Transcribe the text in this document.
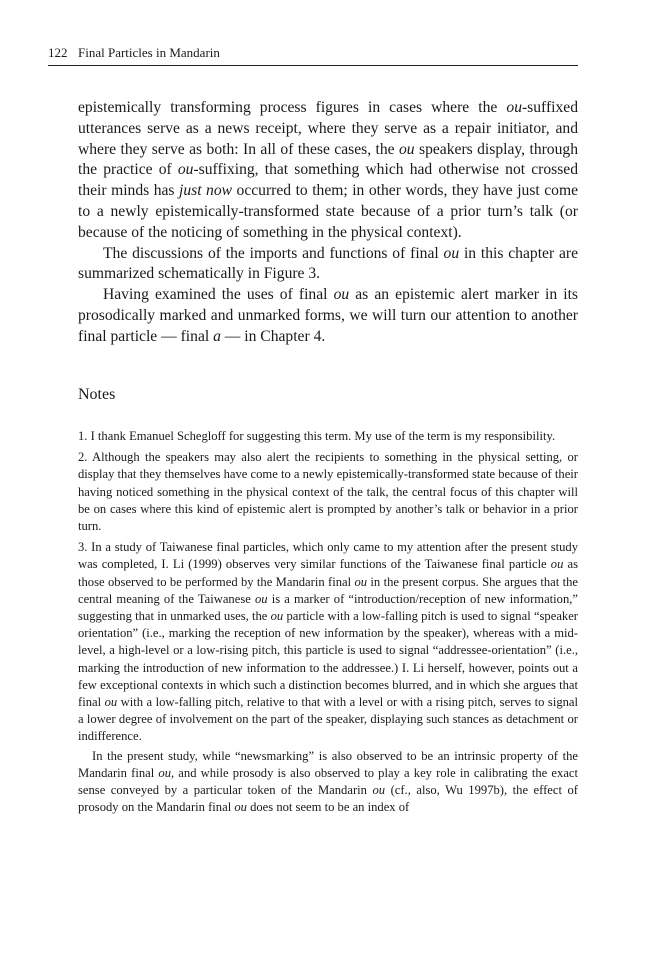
122 Final Particles in Mandarin

epistemically transforming process figures in cases where the ou-suffixed utterances serve as a news receipt, where they serve as a repair initiator, and where they serve as both: In all of these cases, the ou speakers display, through the practice of ou-suffixing, that something which had otherwise not crossed their minds has just now occurred to them; in other words, they have just come to a newly epistemically-transformed state because of a prior turn’s talk (or because of the noticing of something in the physical context).

The discussions of the imports and functions of final ou in this chapter are summarized schematically in Figure 3.

Having examined the uses of final ou as an epistemic alert marker in its prosodically marked and unmarked forms, we will turn our attention to another final particle — final a — in Chapter 4.

Notes

1. I thank Emanuel Schegloff for suggesting this term. My use of the term is my responsibility.

2. Although the speakers may also alert the recipients to something in the physical setting, or display that they themselves have come to a newly epistemically-transformed state because of their having noticed something in the physical context of the talk, the central focus of this chapter will be on cases where this kind of epistemic alert is prompted by another’s talk or behavior in a prior turn.

3. In a study of Taiwanese final particles, which only came to my attention after the present study was completed, I. Li (1999) observes very similar functions of the Taiwanese final particle ou as those observed to be performed by the Mandarin final ou in the present corpus. She argues that the central meaning of the Taiwanese ou is a marker of “introduction/reception of new information,” suggesting that in unmarked uses, the ou particle with a low-falling pitch is used to signal “speaker orientation” (i.e., marking the reception of new information by the speaker), whereas with a mid-level, a high-level or a low-rising pitch, this particle is used to signal “addressee-orientation” (i.e., marking the introduction of new information to the addressee.) I. Li herself, however, points out a few exceptional contexts in which such a distinction becomes blurred, and in which she argues that final ou with a low-falling pitch, relative to that with a level or with a rising pitch, serves to signal a lower degree of involvement on the part of the speaker, displaying such stances as detachment or indifference.

In the present study, while “newsmarking” is also observed to be an intrinsic property of the Mandarin final ou, and while prosody is also observed to play a key role in calibrating the exact sense conveyed by a particular token of the Mandarin ou (cf., also, Wu 1997b), the effect of prosody on the Mandarin final ou does not seem to be an index of
